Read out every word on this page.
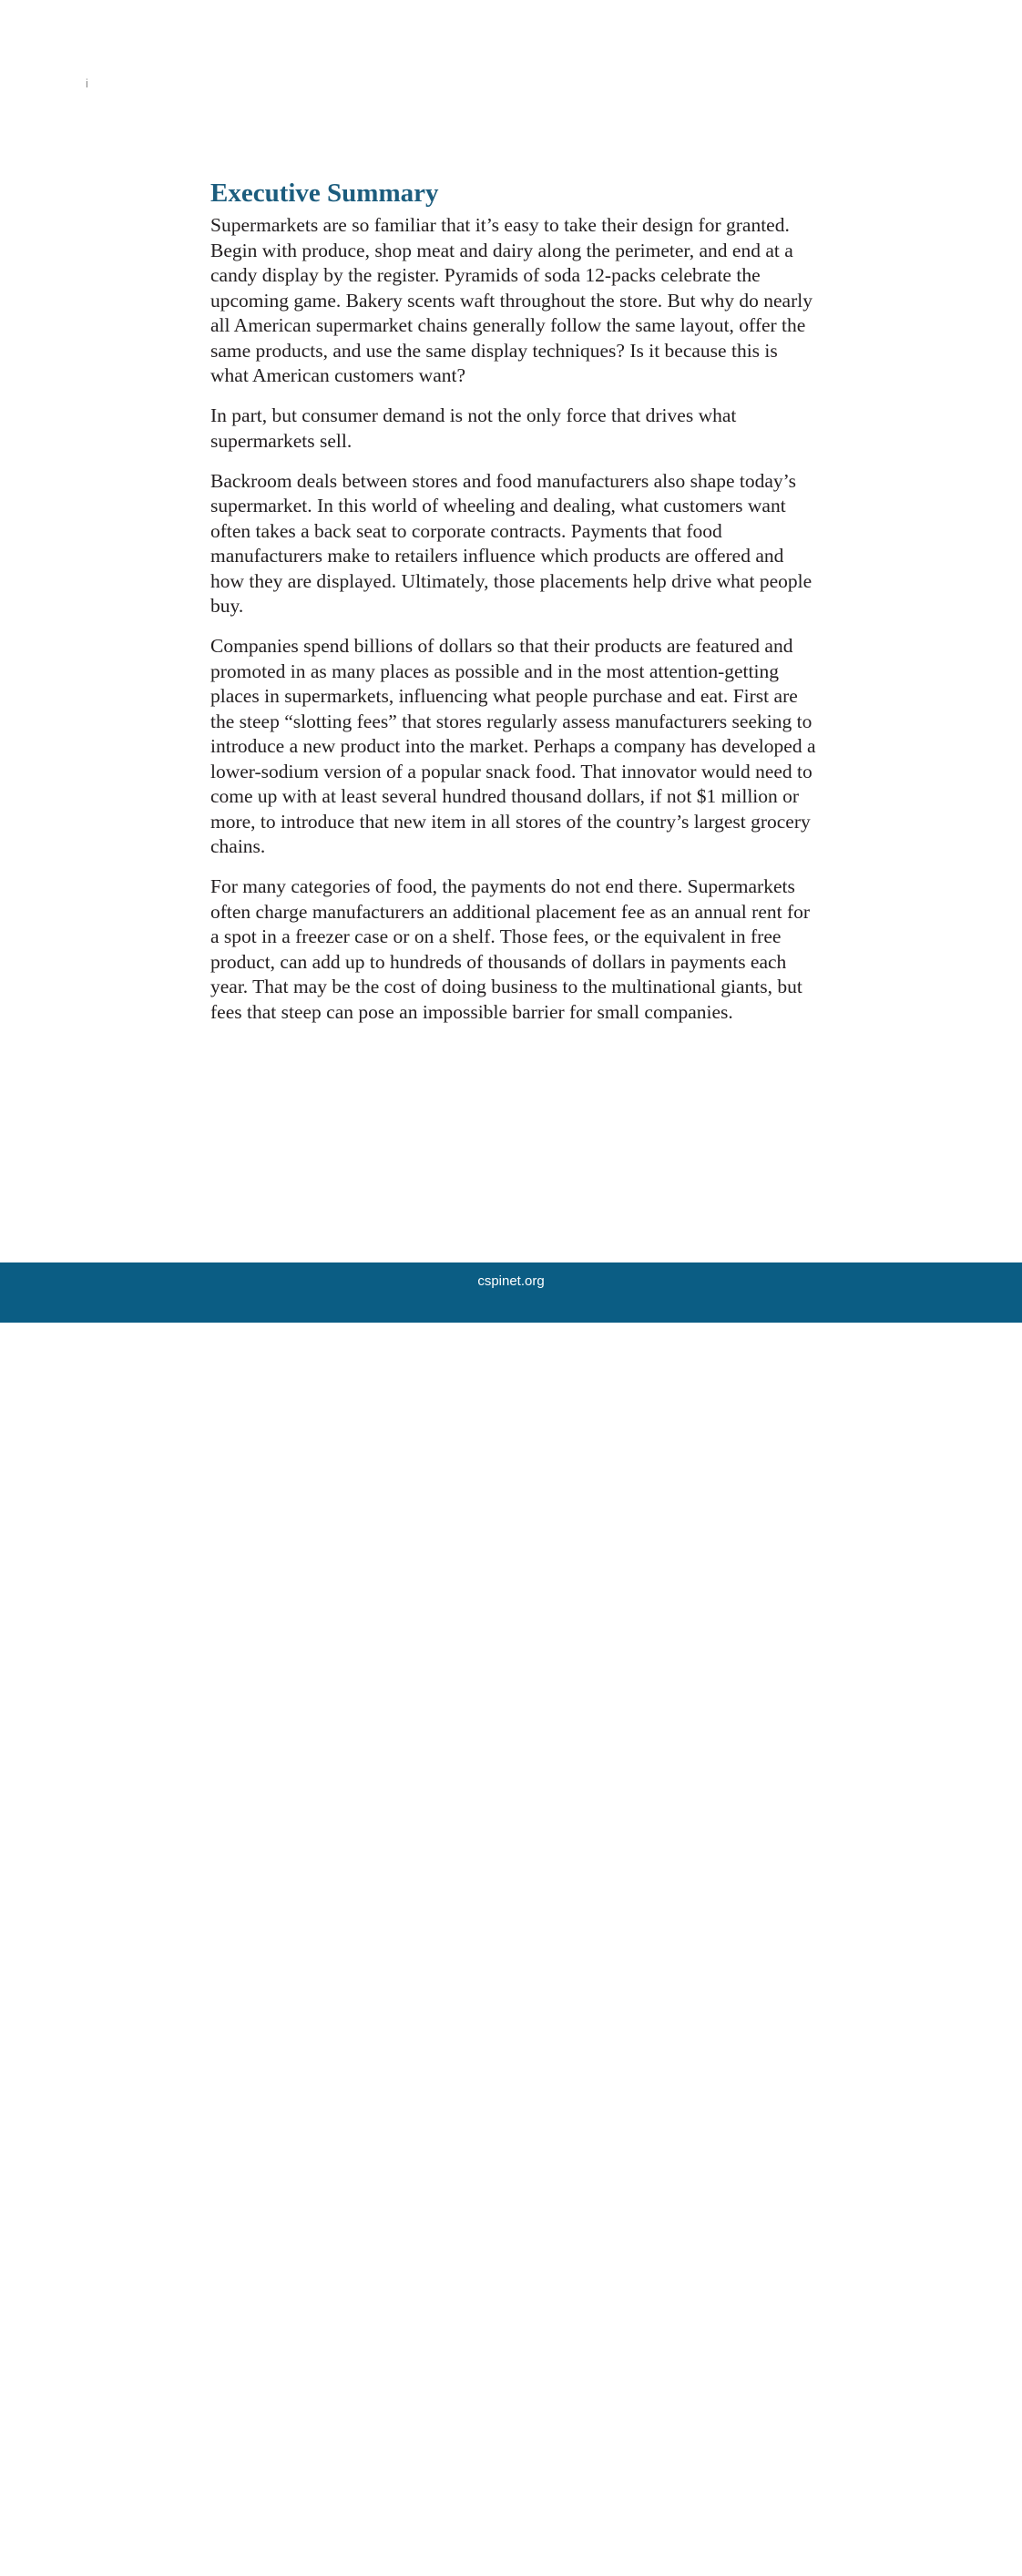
i

Executive Summary

Supermarkets are so familiar that it’s easy to take their design for granted. Begin with produce, shop meat and dairy along the perimeter, and end at a candy display by the register. Pyramids of soda 12-packs celebrate the upcoming game. Bakery scents waft throughout the store. But why do nearly all American supermarket chains generally follow the same layout, offer the same products, and use the same display techniques? Is it because this is what American customers want?

In part, but consumer demand is not the only force that drives what supermarkets sell.

Backroom deals between stores and food manufacturers also shape today’s supermarket. In this world of wheeling and dealing, what customers want often takes a back seat to corporate contracts. Payments that food manufacturers make to retailers influence which products are offered and how they are displayed. Ultimately, those placements help drive what people buy.

Companies spend billions of dollars so that their products are featured and promoted in as many places as possible and in the most attention-getting places in supermarkets, influencing what people purchase and eat. First are the steep “slotting fees” that stores regularly assess manufacturers seeking to introduce a new product into the market. Perhaps a company has developed a lower-sodium version of a popular snack food. That innovator would need to come up with at least several hundred thousand dollars, if not $1 million or more, to introduce that new item in all stores of the country’s largest grocery chains.

For many categories of food, the payments do not end there. Supermarkets often charge manufacturers an additional placement fee as an annual rent for a spot in a freezer case or on a shelf. Those fees, or the equivalent in free product, can add up to hundreds of thousands of dollars in payments each year. That may be the cost of doing business to the multinational giants, but fees that steep can pose an impossible barrier for small companies.

cspinet.org
www.useit.com.cn
